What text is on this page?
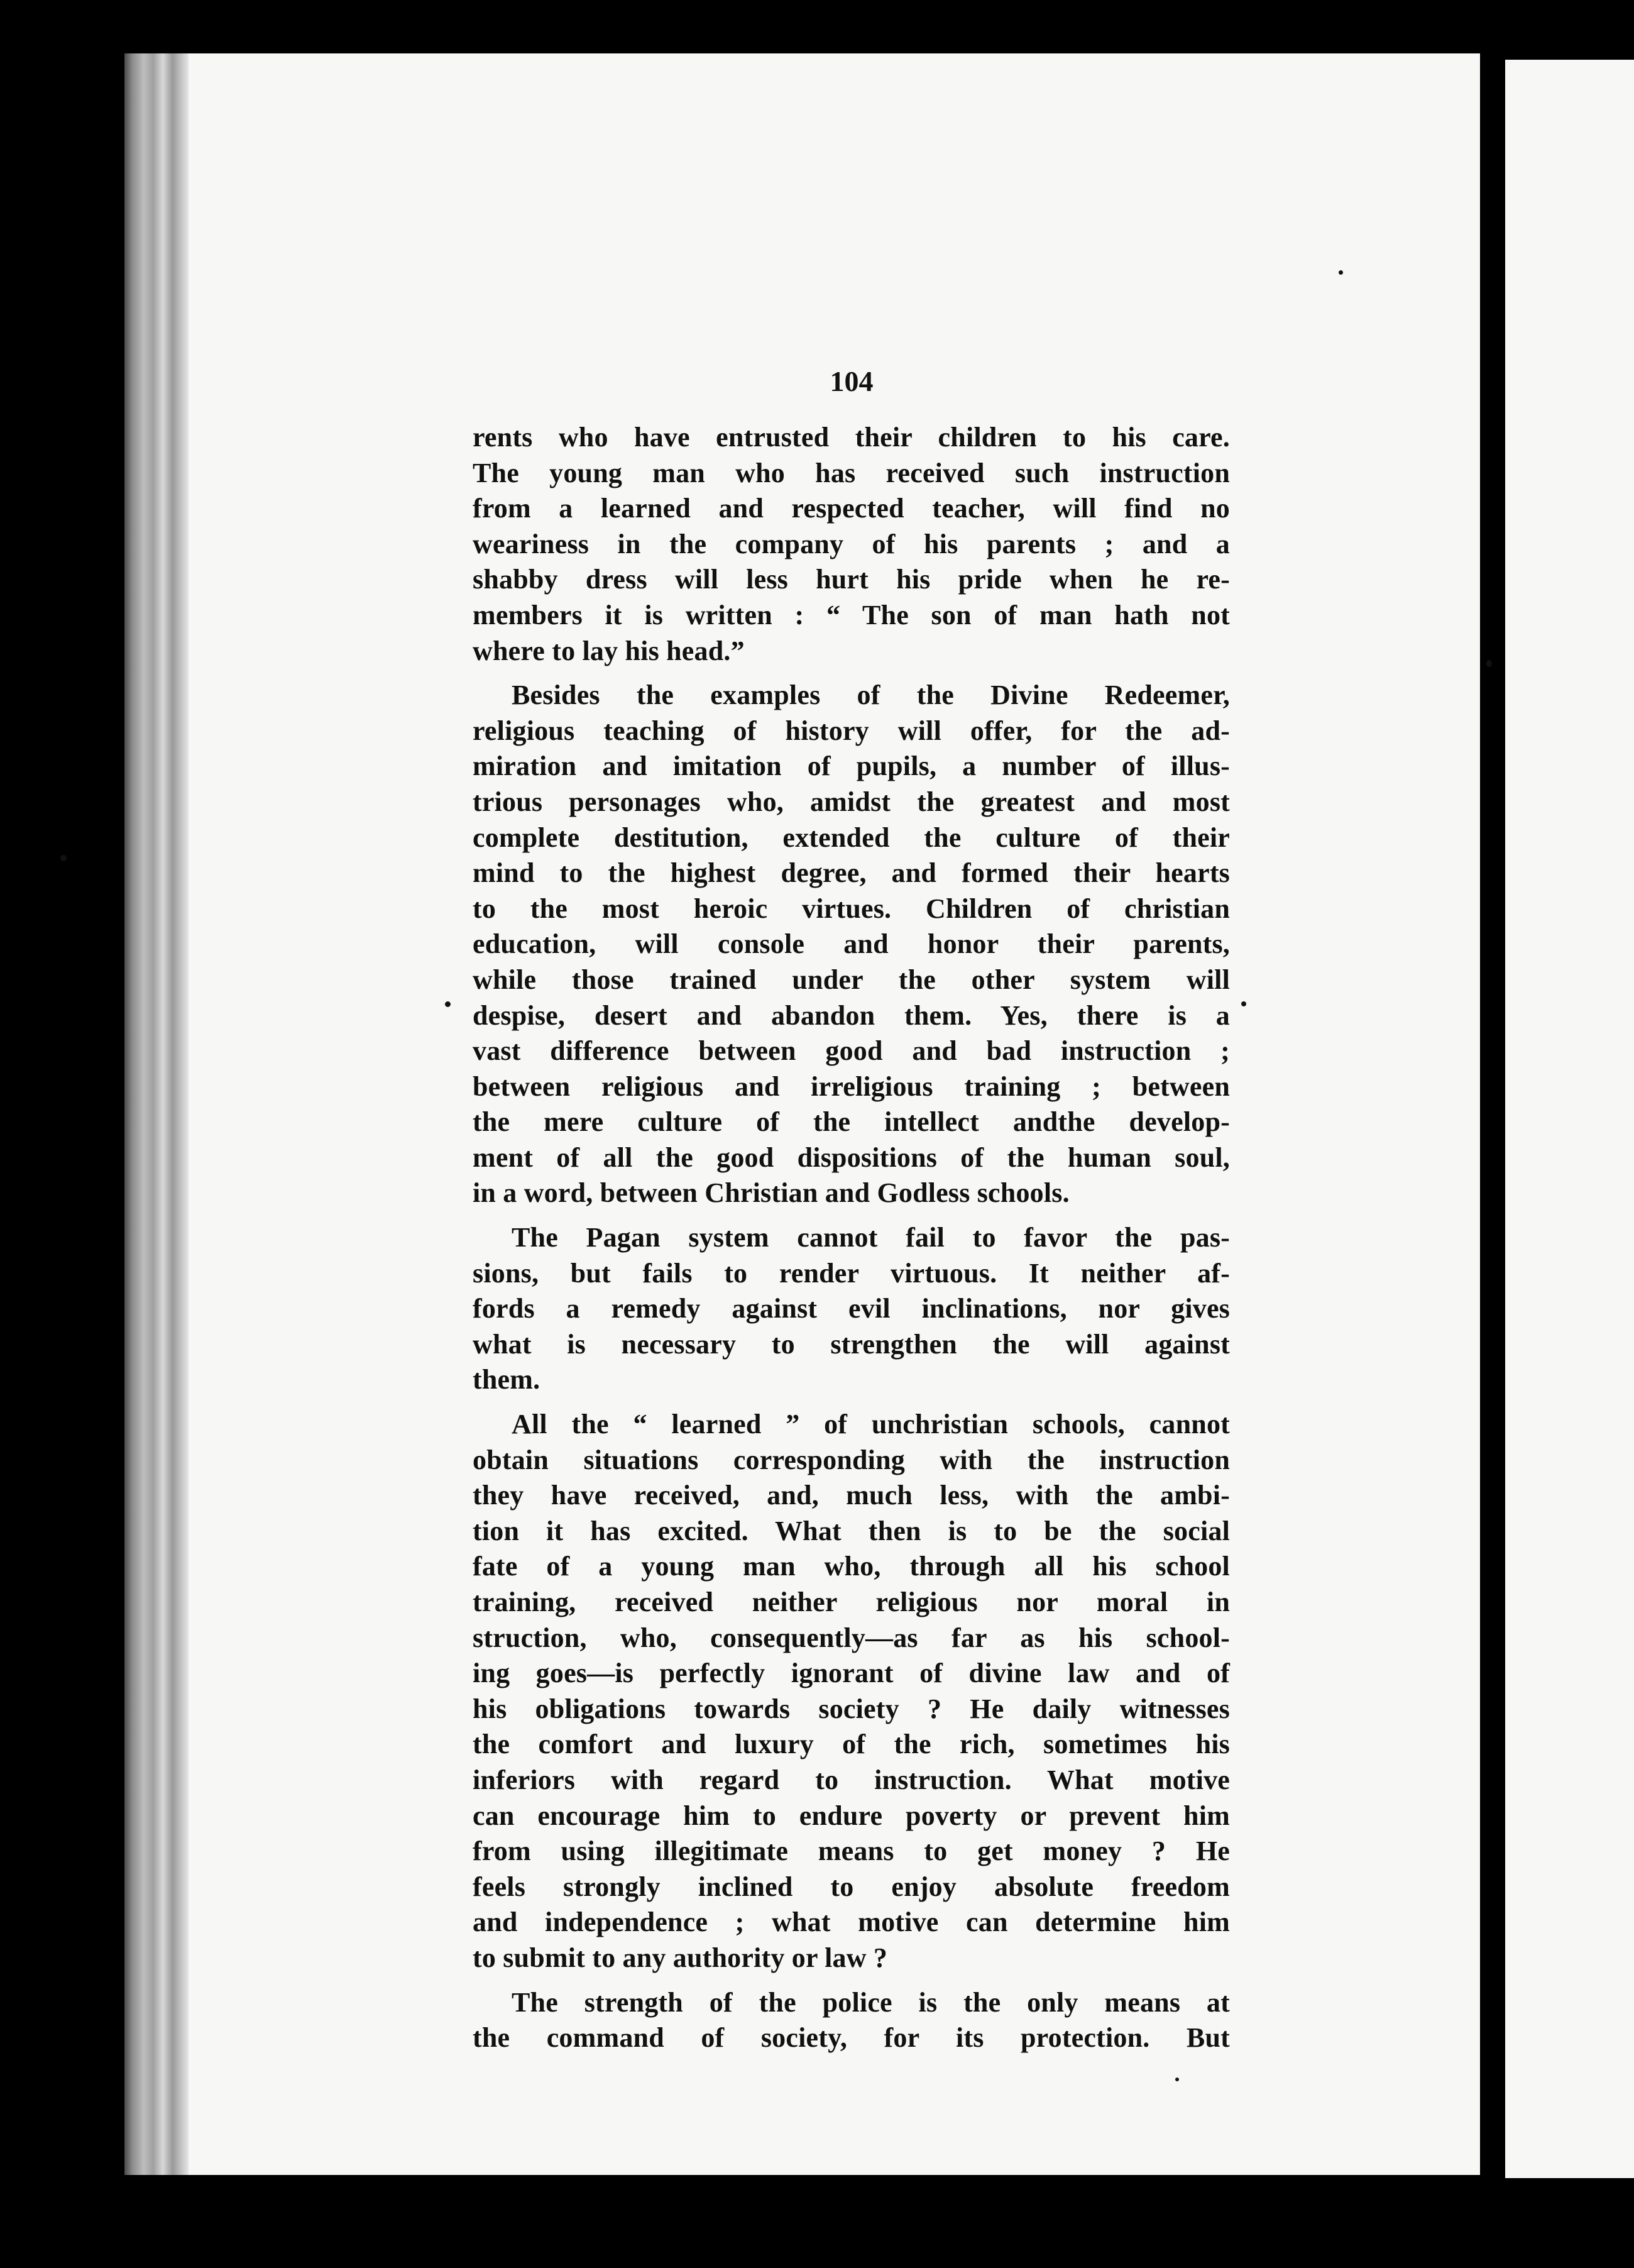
104

rents who have entrusted their children to his care.
The young man who has received such instruction
from a learned and respected teacher, will find no
weariness in the company of his parents ; and a
shabby dress will less hurt his pride when he re-
members it is written : “ The son of man hath not
where to lay his head.”

Besides the examples of the Divine Redeemer,
religious teaching of history will offer, for the ad-
miration and imitation of pupils, a number of illus-
trious personages who, amidst the greatest and most
complete destitution, extended the culture of their
mind to the highest degree, and formed their hearts
to the most heroic virtues. Children of christian
education, will console and honor their parents,
while those trained under the other system will
despise, desert and abandon them. Yes, there is a
vast difference between good and bad instruction ;
between religious and irreligious training ; between
the mere culture of the intellect andthe develop-
ment of all the good dispositions of the human soul,
in a word, between Christian and Godless schools.

The Pagan system cannot fail to favor the pas-
sions, but fails to render virtuous. It neither af-
fords a remedy against evil inclinations, nor gives
what is necessary to strengthen the will against
them.

All the “ learned ” of unchristian schools, cannot
obtain situations corresponding with the instruction
they have received, and, much less, with the ambi-
tion it has excited. What then is to be the social
fate of a young man who, through all his school
training, received neither religious nor moral in
struction, who, consequently—as far as his school-
ing goes—is perfectly ignorant of divine law and of
his obligations towards society ? He daily witnesses
the comfort and luxury of the rich, sometimes his
inferiors with regard to instruction. What motive
can encourage him to endure poverty or prevent him
from using illegitimate means to get money ? He
feels strongly inclined to enjoy absolute freedom
and independence ; what motive can determine him
to submit to any authority or law ?

The strength of the police is the only means at
the command of society, for its protection. But
